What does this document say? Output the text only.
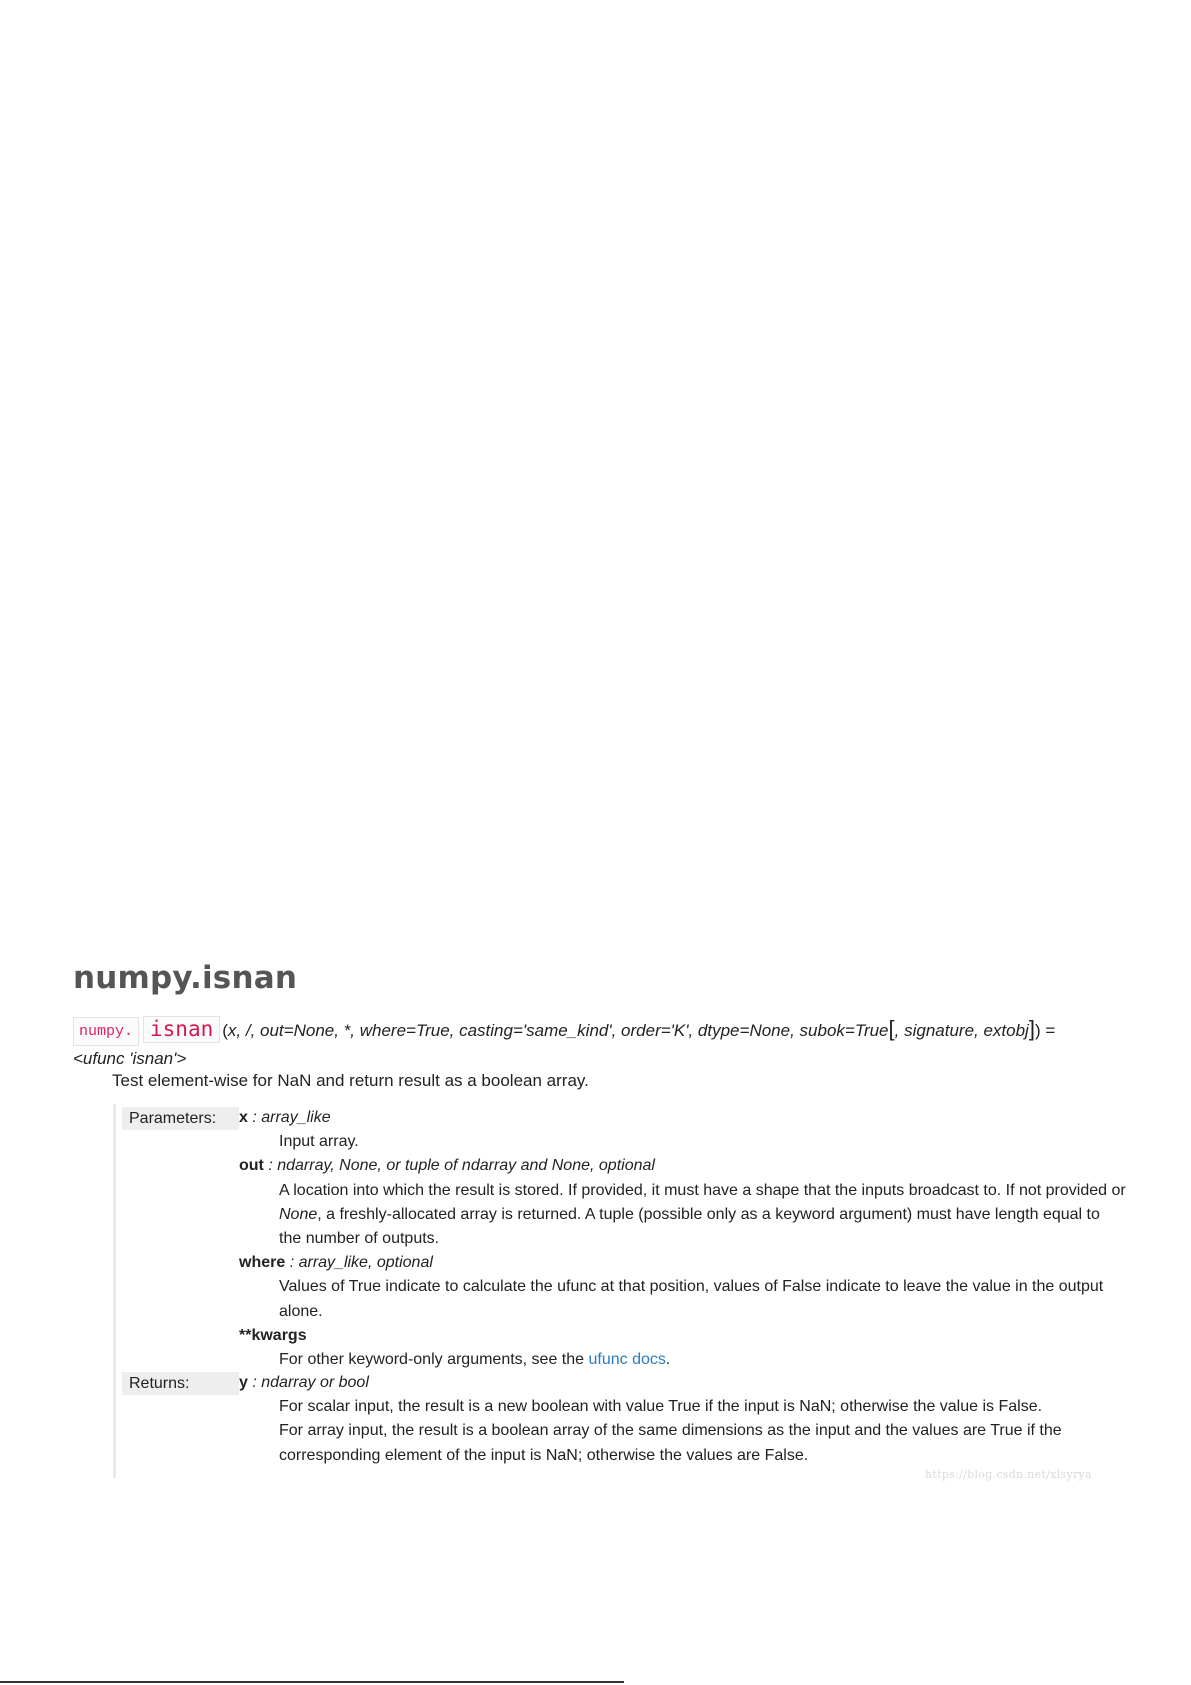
numpy.isnan
numpy. isnan (x, /, out=None, *, where=True, casting='same_kind', order='K', dtype=None, subok=True[, signature, extobj]) =
<ufunc 'isnan'>
Test element-wise for NaN and return result as a boolean array.
Parameters:	x : array_like
Input array.
out : ndarray, None, or tuple of ndarray and None, optional
A location into which the result is stored. If provided, it must have a shape that the inputs broadcast to. If not provided or None, a freshly-allocated array is returned. A tuple (possible only as a keyword argument) must have length equal to the number of outputs.
where : array_like, optional
Values of True indicate to calculate the ufunc at that position, values of False indicate to leave the value in the output alone.
**kwargs
For other keyword-only arguments, see the ufunc docs.
Returns:	y : ndarray or bool
For scalar input, the result is a new boolean with value True if the input is NaN; otherwise the value is False.
For array input, the result is a boolean array of the same dimensions as the input and the values are True if the corresponding element of the input is NaN; otherwise the values are False.
https://blog.csdn.net/xlsyrya
